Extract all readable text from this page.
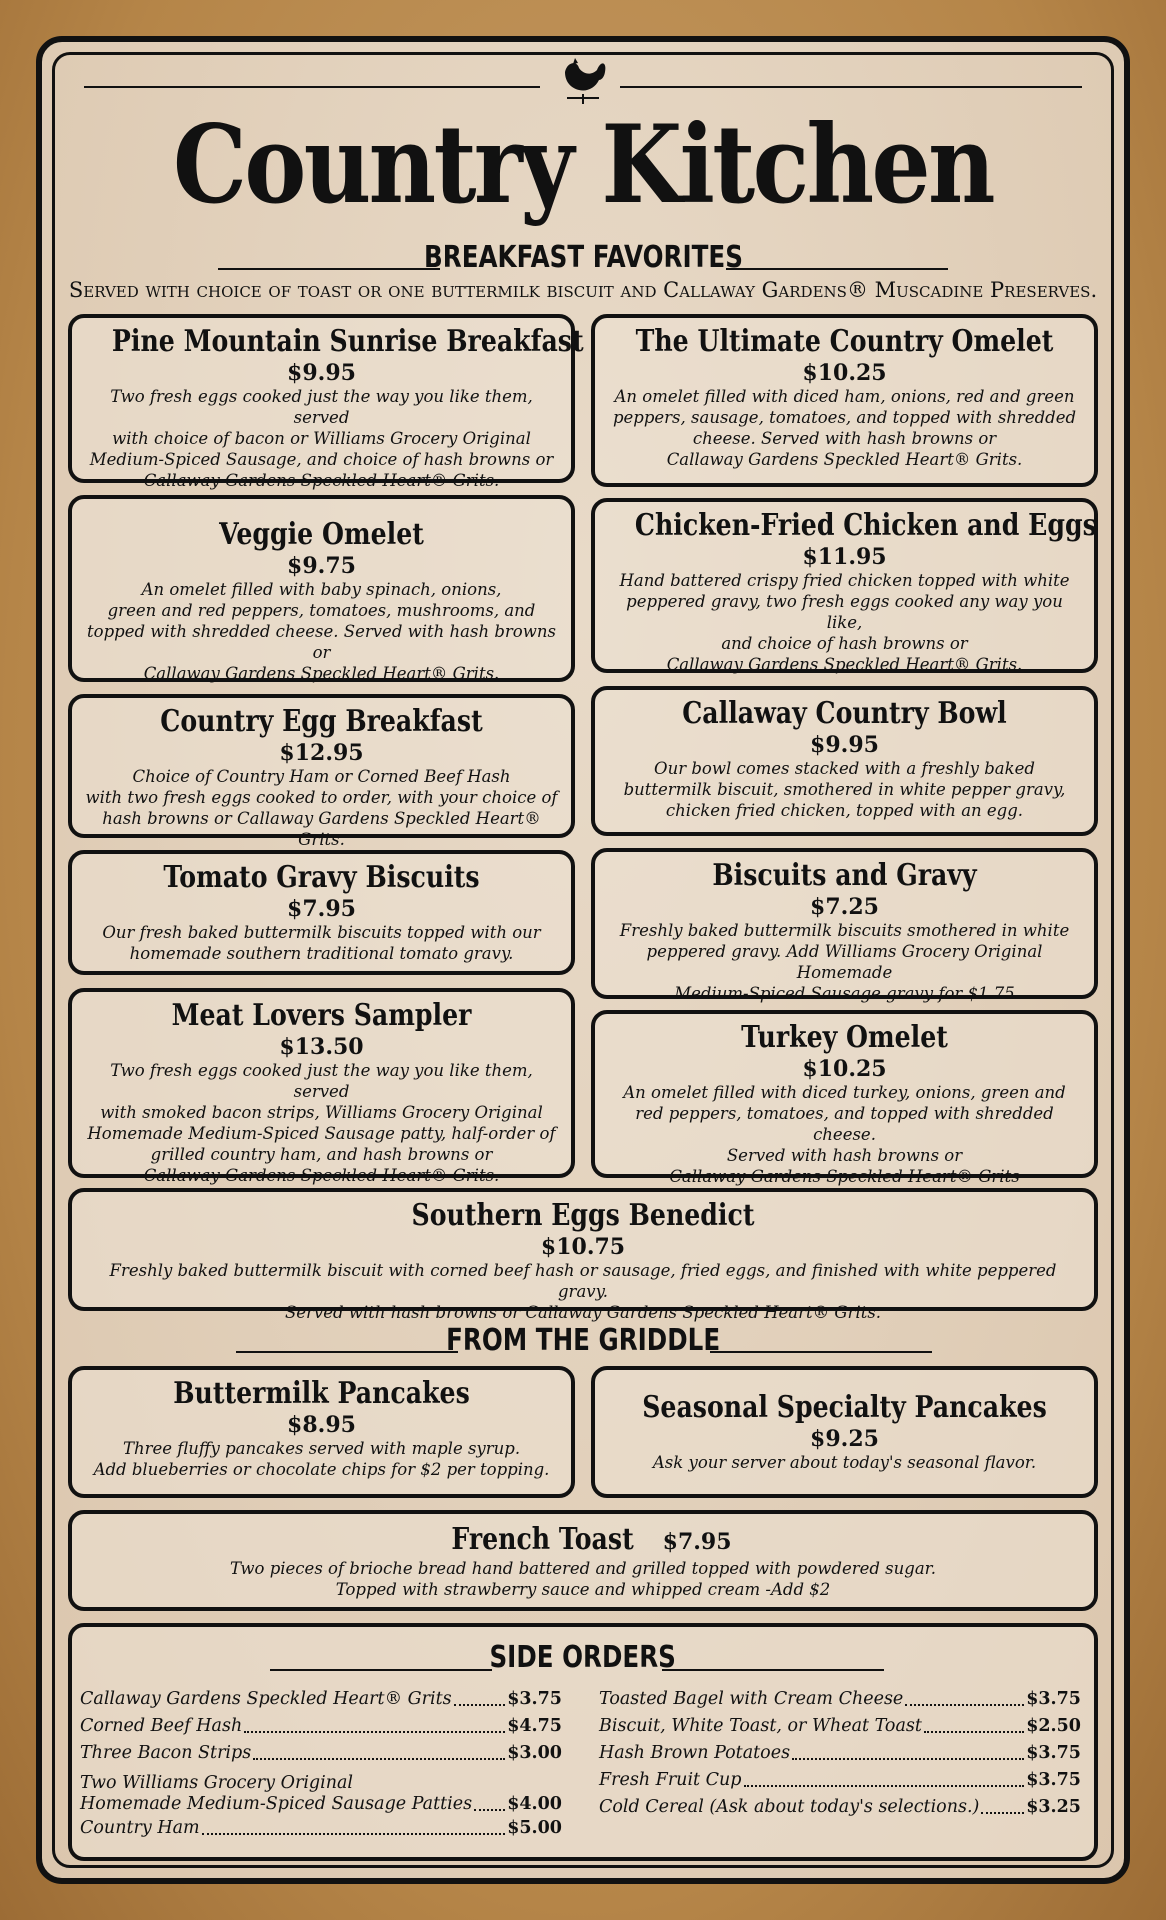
Country Kitchen
BREAKFAST FAVORITES
Served with choice of toast or one buttermilk biscuit and Callaway Gardens® Muscadine Preserves.
Pine Mountain Sunrise Breakfast
$9.95
Two fresh eggs cooked just the way you like them, served
with choice of bacon or Williams Grocery Original
Medium-Spiced Sausage, and choice of hash browns or
Callaway Gardens Speckled Heart® Grits.
The Ultimate Country Omelet
$10.25
An omelet filled with diced ham, onions, red and green
peppers, sausage, tomatoes, and topped with shredded
cheese. Served with hash browns or
Callaway Gardens Speckled Heart® Grits.
Veggie Omelet
$9.75
An omelet filled with baby spinach, onions,
green and red peppers, tomatoes, mushrooms, and
topped with shredded cheese. Served with hash browns or
Callaway Gardens Speckled Heart® Grits.
Chicken-Fried Chicken and Eggs
$11.95
Hand battered crispy fried chicken topped with white
peppered gravy, two fresh eggs cooked any way you like,
and choice of hash browns or
Callaway Gardens Speckled Heart® Grits.
Country Egg Breakfast
$12.95
Choice of Country Ham or Corned Beef Hash
with two fresh eggs cooked to order, with your choice of
hash browns or Callaway Gardens Speckled Heart® Grits.
Callaway Country Bowl
$9.95
Our bowl comes stacked with a freshly baked
buttermilk biscuit, smothered in white pepper gravy,
chicken fried chicken, topped with an egg.
Tomato Gravy Biscuits
$7.95
Our fresh baked buttermilk biscuits topped with our
homemade southern traditional tomato gravy.
Biscuits and Gravy
$7.25
Freshly baked buttermilk biscuits smothered in white
peppered gravy. Add Williams Grocery Original Homemade
Medium-Spiced Sausage gravy for $1.75
Meat Lovers Sampler
$13.50
Two fresh eggs cooked just the way you like them, served
with smoked bacon strips, Williams Grocery Original
Homemade Medium-Spiced Sausage patty, half-order of
grilled country ham, and hash browns or
Callaway Gardens Speckled Heart® Grits.
Turkey Omelet
$10.25
An omelet filled with diced turkey, onions, green and
red peppers, tomatoes, and topped with shredded cheese.
Served with hash browns or
Callaway Gardens Speckled Heart® Grits
Southern Eggs Benedict
$10.75
Freshly baked buttermilk biscuit with corned beef hash or sausage, fried eggs, and finished with white peppered gravy.
Served with hash browns or Callaway Gardens Speckled Heart® Grits.
FROM THE GRIDDLE
Buttermilk Pancakes
$8.95
Three fluffy pancakes served with maple syrup.
Add blueberries or chocolate chips for $2 per topping.
Seasonal Specialty Pancakes
$9.25
Ask your server about today's seasonal flavor.
French Toast $7.95
Two pieces of brioche bread hand battered and grilled topped with powdered sugar.
Topped with strawberry sauce and whipped cream -Add $2
SIDE ORDERS
Callaway Gardens Speckled Heart® Grits	$3.75
Corned Beef Hash	$4.75
Three Bacon Strips	$3.00
Two Williams Grocery Original
Homemade Medium-Spiced Sausage Patties $4.00
Country Ham	$5.00
Toasted Bagel with Cream Cheese	$3.75
Biscuit, White Toast, or Wheat Toast	$2.50
Hash Brown Potatoes	$3.75
Fresh Fruit Cup	$3.75
Cold Cereal (Ask about today's selections.)	$3.25
